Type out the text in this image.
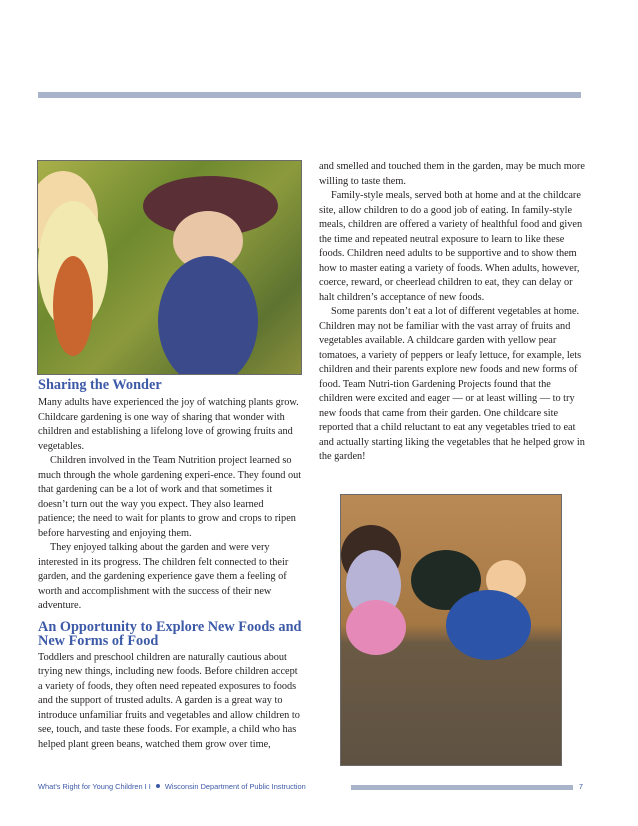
Sharing the Wonder

Many adults have experienced the joy of watching plants grow. Childcare gardening is one way of sharing that wonder with children and establishing a lifelong love of growing fruits and vegetables.

Children involved in the Team Nutrition project learned so much through the whole gardening experi-ence. They found out that gardening can be a lot of work and that sometimes it doesn’t turn out the way you expect. They also learned patience; the need to wait for plants to grow and crops to ripen before harvesting and enjoying them.

They enjoyed talking about the garden and were very interested in its progress. The children felt connected to their garden, and the gardening experience gave them a feeling of worth and accomplishment with the success of their new adventure.

An Opportunity to Explore New Foods and New Forms of Food

Toddlers and preschool children are naturally cautious about trying new things, including new foods. Before children accept a variety of foods, they often need repeated exposures to foods and the support of trusted adults. A garden is a great way to introduce unfamiliar fruits and vegetables and allow children to see, touch, and taste these foods. For example, a child who has helped plant green beans, watched them grow over time,

and smelled and touched them in the garden, may be much more willing to taste them.

Family-style meals, served both at home and at the childcare site, allow children to do a good job of eating. In family-style meals, children are offered a variety of healthful food and given the time and repeated neutral exposure to learn to like these foods. Children need adults to be supportive and to show them how to master eating a variety of foods. When adults, however, coerce, reward, or cheerlead children to eat, they can delay or halt children’s acceptance of new foods.

Some parents don’t eat a lot of different vegetables at home. Children may not be familiar with the vast array of fruits and vegetables available. A childcare garden with yellow pear tomatoes, a variety of peppers or leafy lettuce, for example, lets children and their parents explore new foods and new forms of food. Team Nutri-tion Gardening Projects found that the children were excited and eager — or at least willing — to try new foods that came from their garden. One childcare site reported that a child reluctant to eat any vegetables tried to eat and actually starting liking the vegetables that he helped grow in the garden!

What’s Right for Young Children I I Wisconsin Department of Public Instruction	7
